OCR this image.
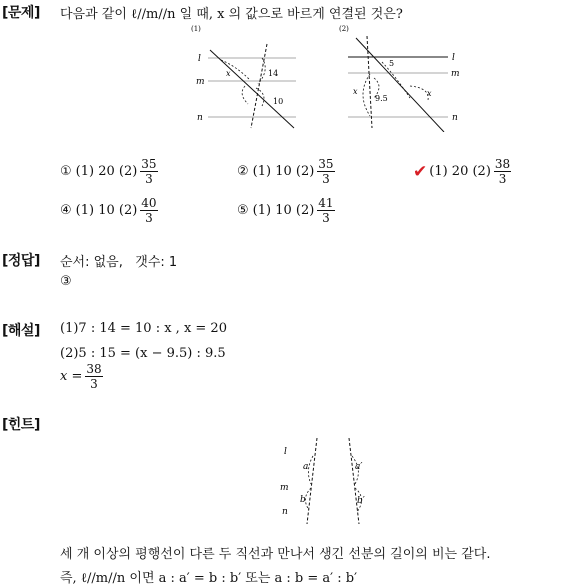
[문제] 다음과 같이 ℓ//m//n 일 때, x 의 값으로 바르게 연결된 것은?
(1)
l
m
n
14
10
x
(2)
l
m
n
5
9.5
x	x
① (1) 20 $(2) \frac{35}{3}$	② (1) 10 $(2) \frac{35}{3}$	✔ (1) 20 $(2) \frac{38}{3}$
④ (1) 10 $(2) \frac{40}{3}$	⑤ (1) 10 $(2) \frac{41}{3}$
[정답] 순서: 없음,   갯수: 1
③
[해설] (1)7 : 14 = 10 : x , x = 20
(2)5 : 15 = (x − 9.5) : 9.5
$x = \frac{38}{3}$
[힌트]
l
m
n
a
b
a′
b′
세 개 이상의 평행선이 다른 두 직선과 만나서 생긴 선분의 길이의 비는 같다.
즉, ℓ//m//n 이면 a : a′ = b : b′ 또는 a : b = a′ : b′
